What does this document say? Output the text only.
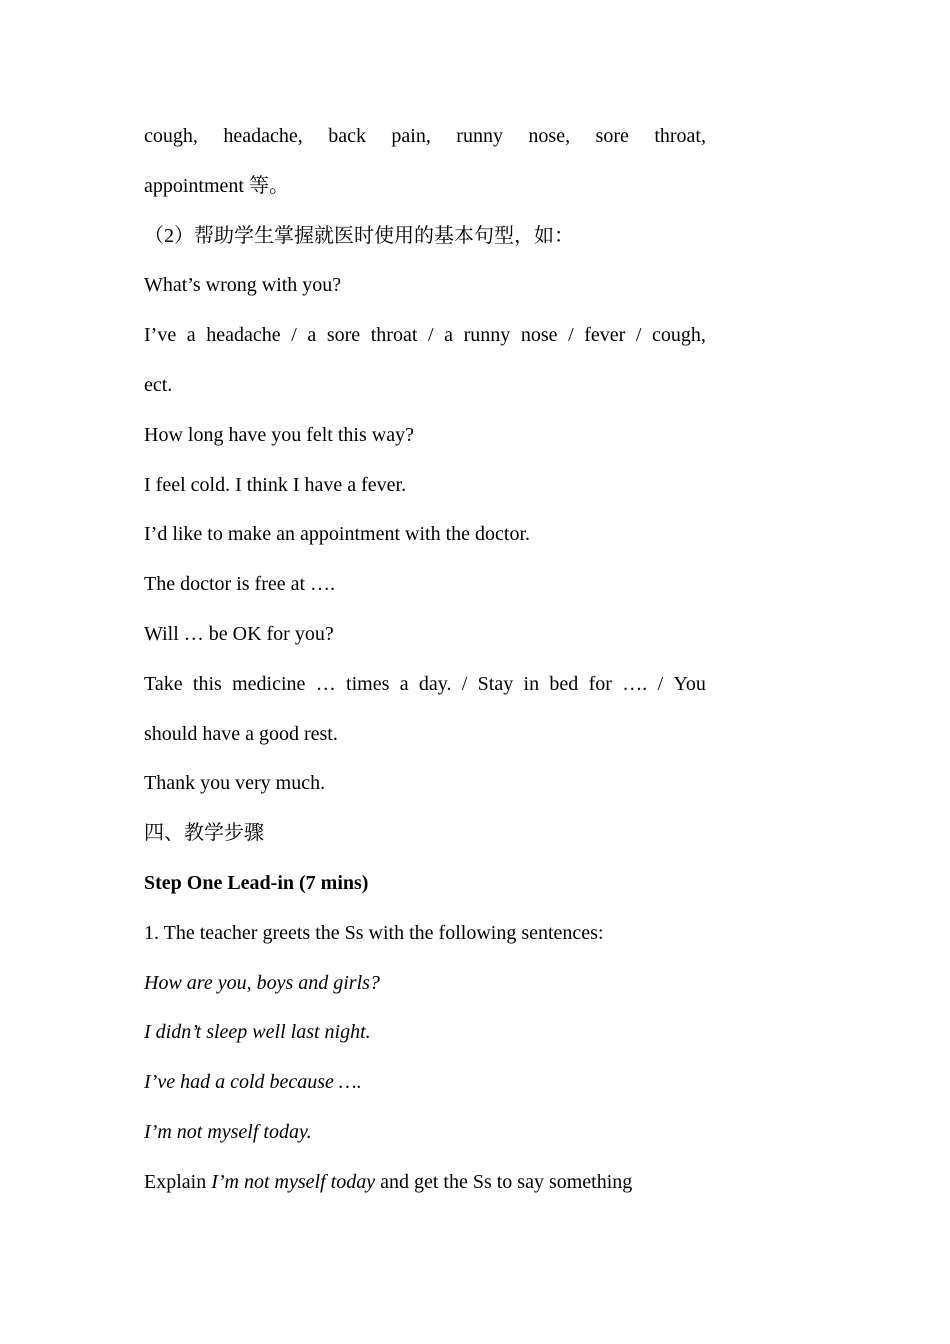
cough, headache, back pain, runny nose, sore throat,
appointment 等。
（2）帮助学生掌握就医时使用的基本句型，如：
What’s wrong with you?
I’ve a headache / a sore throat / a runny nose / fever / cough,
ect.
How long have you felt this way?
I feel cold. I think I have a fever.
I’d like to make an appointment with the doctor.
The doctor is free at ….
Will … be OK for you?
Take this medicine … times a day. / Stay in bed for …. / You
should have a good rest.
Thank you very much.
四、教学步骤
Step One Lead-in (7 mins)
1. The teacher greets the Ss with the following sentences:
How are you, boys and girls?
I didn’t sleep well last night.
I’ve had a cold because ….
I’m not myself today.
Explain I’m not myself today and get the Ss to say something
